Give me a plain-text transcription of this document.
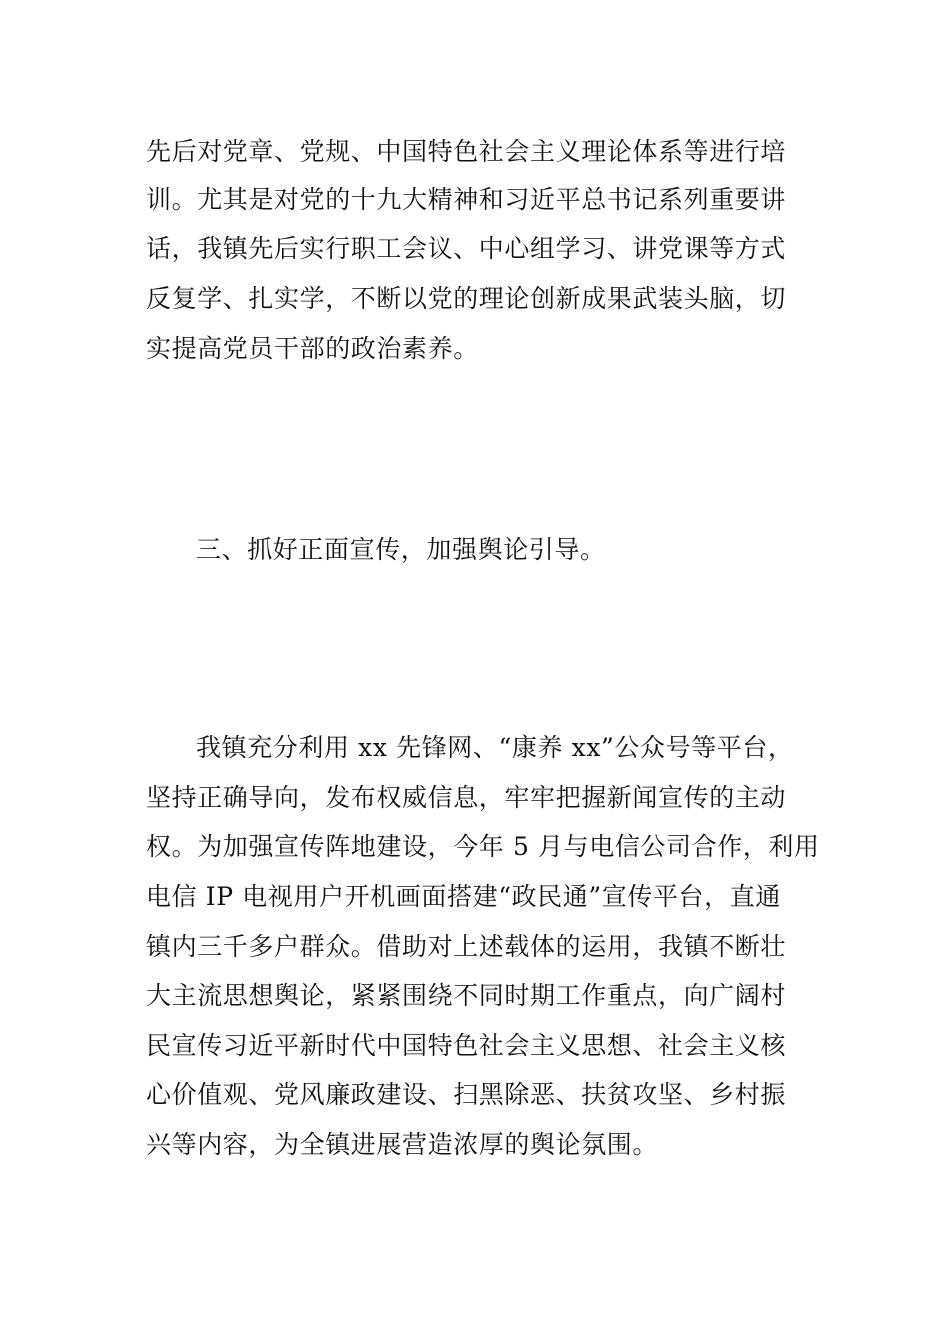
先后对党章、党规、中国特色社会主义理论体系等进行培
训。尤其是对党的十九大精神和习近平总书记系列重要讲
话，我镇先后实行职工会议、中心组学习、讲党课等方式
反复学、扎实学，不断以党的理论创新成果武装头脑，切
实提高党员干部的政治素养。
三、抓好正面宣传，加强舆论引导。
我镇充分利用 xx 先锋网、“康养 xx”公众号等平台，
坚持正确导向，发布权威信息，牢牢把握新闻宣传的主动
权。为加强宣传阵地建设，今年 5 月与电信公司合作，利用
电信 IP 电视用户开机画面搭建“政民通”宣传平台，直通
镇内三千多户群众。借助对上述载体的运用，我镇不断壮
大主流思想舆论，紧紧围绕不同时期工作重点，向广阔村
民宣传习近平新时代中国特色社会主义思想、社会主义核
心价值观、党风廉政建设、扫黑除恶、扶贫攻坚、乡村振
兴等内容，为全镇进展营造浓厚的舆论氛围。
